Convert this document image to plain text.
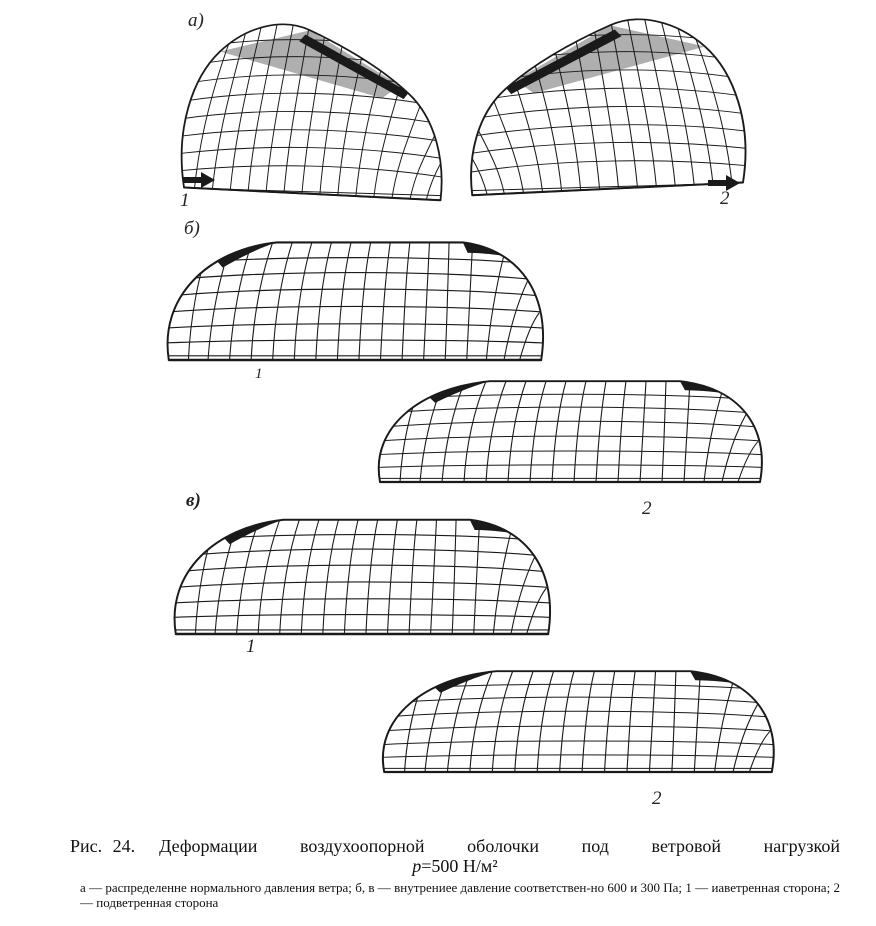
а)
1	2
б)
1
2
в)
1
2
Рис. 24. Деформации воздухоопорной оболочки под ветровой нагрузкой
p=500 Н/м²
а — распределенне нормального давления ветра; б, в — внутрениее давление соответствен-но 600 и 300 Па; 1 — иаветренная сторона; 2 — подветренная сторона
